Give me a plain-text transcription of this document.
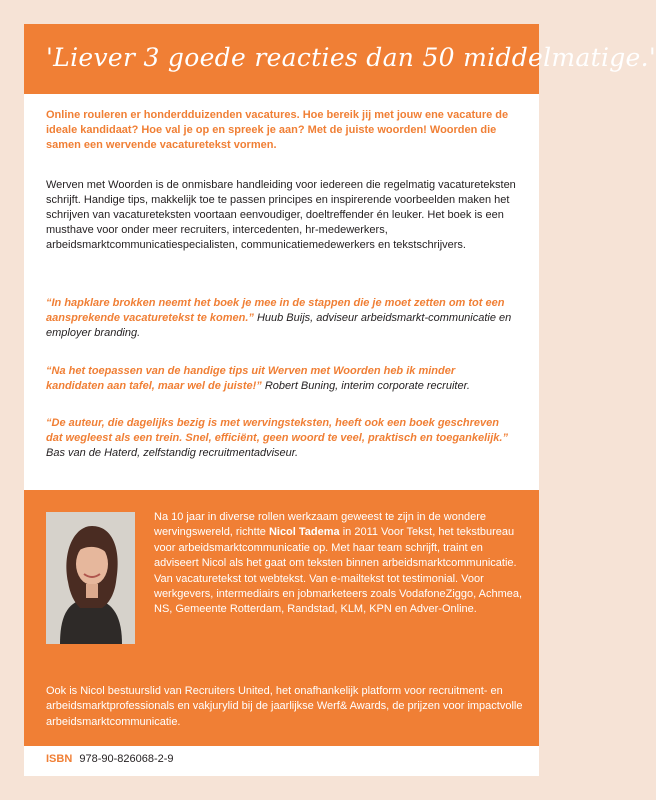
'Liever 3 goede reacties dan 50 middelmatige.'
Online rouleren er honderdduizenden vacatures. Hoe bereik jij met jouw ene vacature de ideale kandidaat? Hoe val je op en spreek je aan? Met de juiste woorden! Woorden die samen een wervende vacaturetekst vormen.
Werven met Woorden is de onmisbare handleiding voor iedereen die regelmatig vacatureteksten schrijft. Handige tips, makkelijk toe te passen principes en inspirerende voorbeelden maken het schrijven van vacatureteksten voortaan eenvoudiger, doeltreffender én leuker. Het boek is een musthave voor onder meer recruiters, intercedenten, hr-medewerkers, arbeidsmarktcommunicatiespecialisten, communicatiemedewerkers en tekstschrijvers.
“In hapklare brokken neemt het boek je mee in de stappen die je moet zetten om tot een aansprekende vacaturetekst te komen.” Huub Buijs, adviseur arbeidsmarkt-communicatie en employer branding.
“Na het toepassen van de handige tips uit Werven met Woorden heb ik minder kandidaten aan tafel, maar wel de juiste!” Robert Buning, interim corporate recruiter.
“De auteur, die dagelijks bezig is met wervingsteksten, heeft ook een boek geschreven dat wegleest als een trein. Snel, efficiënt, geen woord te veel, praktisch en toegankelijk.” Bas van de Haterd, zelfstandig recruitmentadviseur.
Na 10 jaar in diverse rollen werkzaam geweest te zijn in de wondere wervingswereld, richtte Nicol Tadema in 2011 Voor Tekst, het tekstbureau voor arbeidsmarktcommunicatie op. Met haar team schrijft, traint en adviseert Nicol als het gaat om teksten binnen arbeidsmarktcommunicatie. Van vacaturetekst tot webtekst. Van e-mailtekst tot testimonial. Voor werkgevers, intermediairs en jobmarketeers zoals VodafoneZiggo, Achmea, NS, Gemeente Rotterdam, Randstad, KLM, KPN en Adver-Online.
Ook is Nicol bestuurslid van Recruiters United, het onafhankelijk platform voor recruitment- en arbeidsmarktprofessionals en vakjurylid bij de jaarlijkse Werf& Awards, de prijzen voor impactvolle arbeidsmarktcommunicatie.
ISBN 978-90-826068-2-9
